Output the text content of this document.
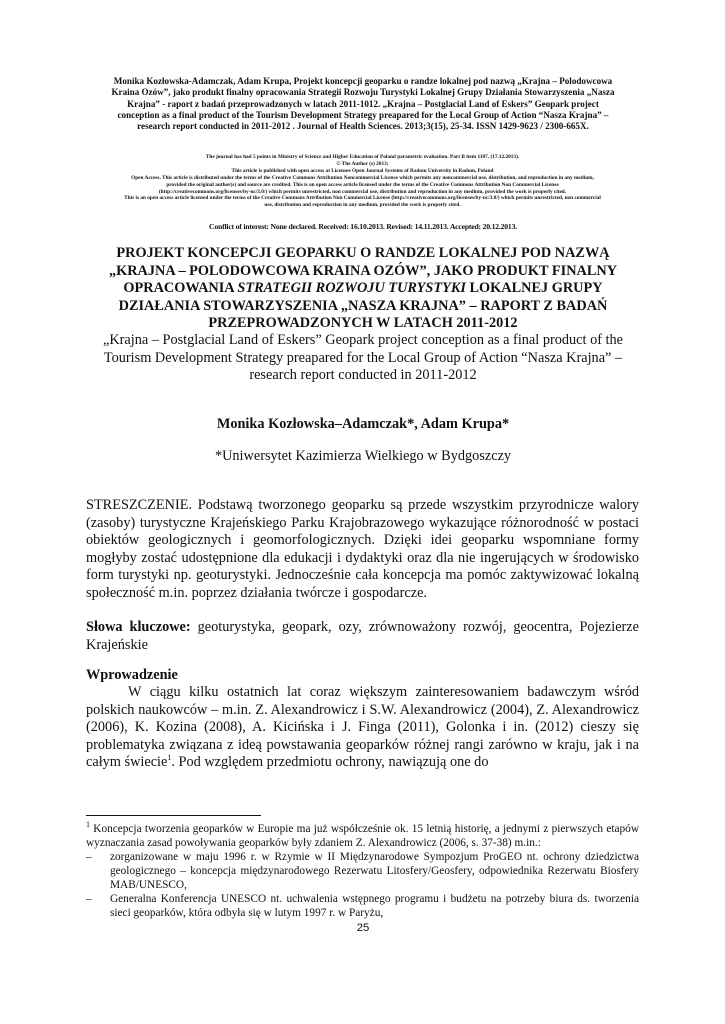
Monika Kozłowska-Adamczak, Adam Krupa, Projekt koncepcji geoparku o randze lokalnej pod nazwą „Krajna – Polodowcowa
Kraina Ozów”, jako produkt finalny opracowania Strategii Rozwoju Turystyki Lokalnej Grupy Działania Stowarzyszenia „Nasza
Krajna” - raport z badań przeprowadzonych w latach 2011-1012. „Krajna – Postglacial Land of Eskers” Geopark project
conception as a final product of the Tourism Development Strategy preapared for the Local Group of Action “Nasza Krajna” –
research report conducted in 2011-2012 . Journal of Health Sciences. 2013;3(15), 25-34. ISSN 1429-9623 / 2300-665X.
The journal has had 5 points in Ministry of Science and Higher Education of Poland parametric evaluation. Part B item 1107. (17.12.2013).
© The Author (s) 2013;
This article is published with open access at Licensee Open Journal Systems of Radom University in Radom, Poland
Open Access. This article is distributed under the terms of the Creative Commons Attribution Noncommercial License which permits any noncommercial use, distribution, and reproduction in any medium,
provided the original author(s) and source are credited. This is an open access article licensed under the terms of the Creative Commons Attribution Non Commercial License
(http://creativecommons.org/licenses/by-nc/3.0/) which permits unrestricted, non commercial use, distribution and reproduction in any medium, provided the work is properly cited.
This is an open access article licensed under the terms of the Creative Commons Attribution Non Commercial License (http://creativecommons.org/licenses/by-nc/3.0/) which permits unrestricted, non commercial
use, distribution and reproduction in any medium, provided the work is properly cited.
Conflict of interest: None declared. Received: 16.10.2013. Revised: 14.11.2013. Accepted: 20.12.2013.
PROJEKT KONCEPCJI GEOPARKU O RANDZE LOKALNEJ POD NAZWĄ „KRAJNA – POLODOWCOWA KRAINA OZÓW”, JAKO PRODUKT FINALNY OPRACOWANIA STRATEGII ROZWOJU TURYSTYKI LOKALNEJ GRUPY DZIAŁANIA STOWARZYSZENIA „NASZA KRAJNA” – RAPORT Z BADAŃ PRZEPROWADZONYCH W LATACH 2011-2012
„Krajna – Postglacial Land of Eskers” Geopark project conception as a final product of the Tourism Development Strategy preapared for the Local Group of Action “Nasza Krajna” – research report conducted in 2011-2012
Monika Kozłowska–Adamczak*, Adam Krupa*
*Uniwersytet Kazimierza Wielkiego w Bydgoszczy
STRESZCZENIE. Podstawą tworzonego geoparku są przede wszystkim przyrodnicze walory (zasoby) turystyczne Krajeńskiego Parku Krajobrazowego wykazujące różnorodność w postaci obiektów geologicznych i geomorfologicznych. Dzięki idei geoparku wspomniane formy mogłyby zostać udostępnione dla edukacji i dydaktyki oraz dla nie ingerujących w środowisko form turystyki np. geoturystyki. Jednocześnie cała koncepcja ma pomóc zaktywizować lokalną społeczność m.in. poprzez działania twórcze i gospodarcze.
Słowa kluczowe: geoturystyka, geopark, ozy, zrównoważony rozwój, geocentra, Pojezierze Krajeńskie
Wprowadzenie
W ciągu kilku ostatnich lat coraz większym zainteresowaniem badawczym wśród polskich naukowców – m.in. Z. Alexandrowicz i S.W. Alexandrowicz (2004), Z. Alexandrowicz (2006), K. Kozina (2008), A. Kicińska i J. Finga (2011), Golonka i in. (2012) cieszy się problematyka związana z ideą powstawania geoparków różnej rangi zarówno w kraju, jak i na całym świecie$^1$. Pod względem przedmiotu ochrony, nawiązują one do

$^1$ Koncepcja tworzenia geoparków w Europie ma już współcześnie ok. 15 letnią historię, a jednymi z pierwszych etapów wyznaczania zasad powoływania geoparków były zdaniem Z. Alexandrowicz (2006, s. 37-38) m.in.:

– zorganizowane w maju 1996 r. w Rzymie w II Międzynarodowe Sympozjum ProGEO nt. ochrony dziedzictwa geologicznego – koncepcja międzynarodowego Rezerwatu Litosfery/Geosfery, odpowiednika Rezerwatu Biosfery MAB/UNESCO,

– Generalna Konferencja UNESCO nt. uchwalenia wstępnego programu i budżetu na potrzeby biura ds. tworzenia sieci geoparków, która odbyła się w lutym 1997 r. w Paryżu,

25
